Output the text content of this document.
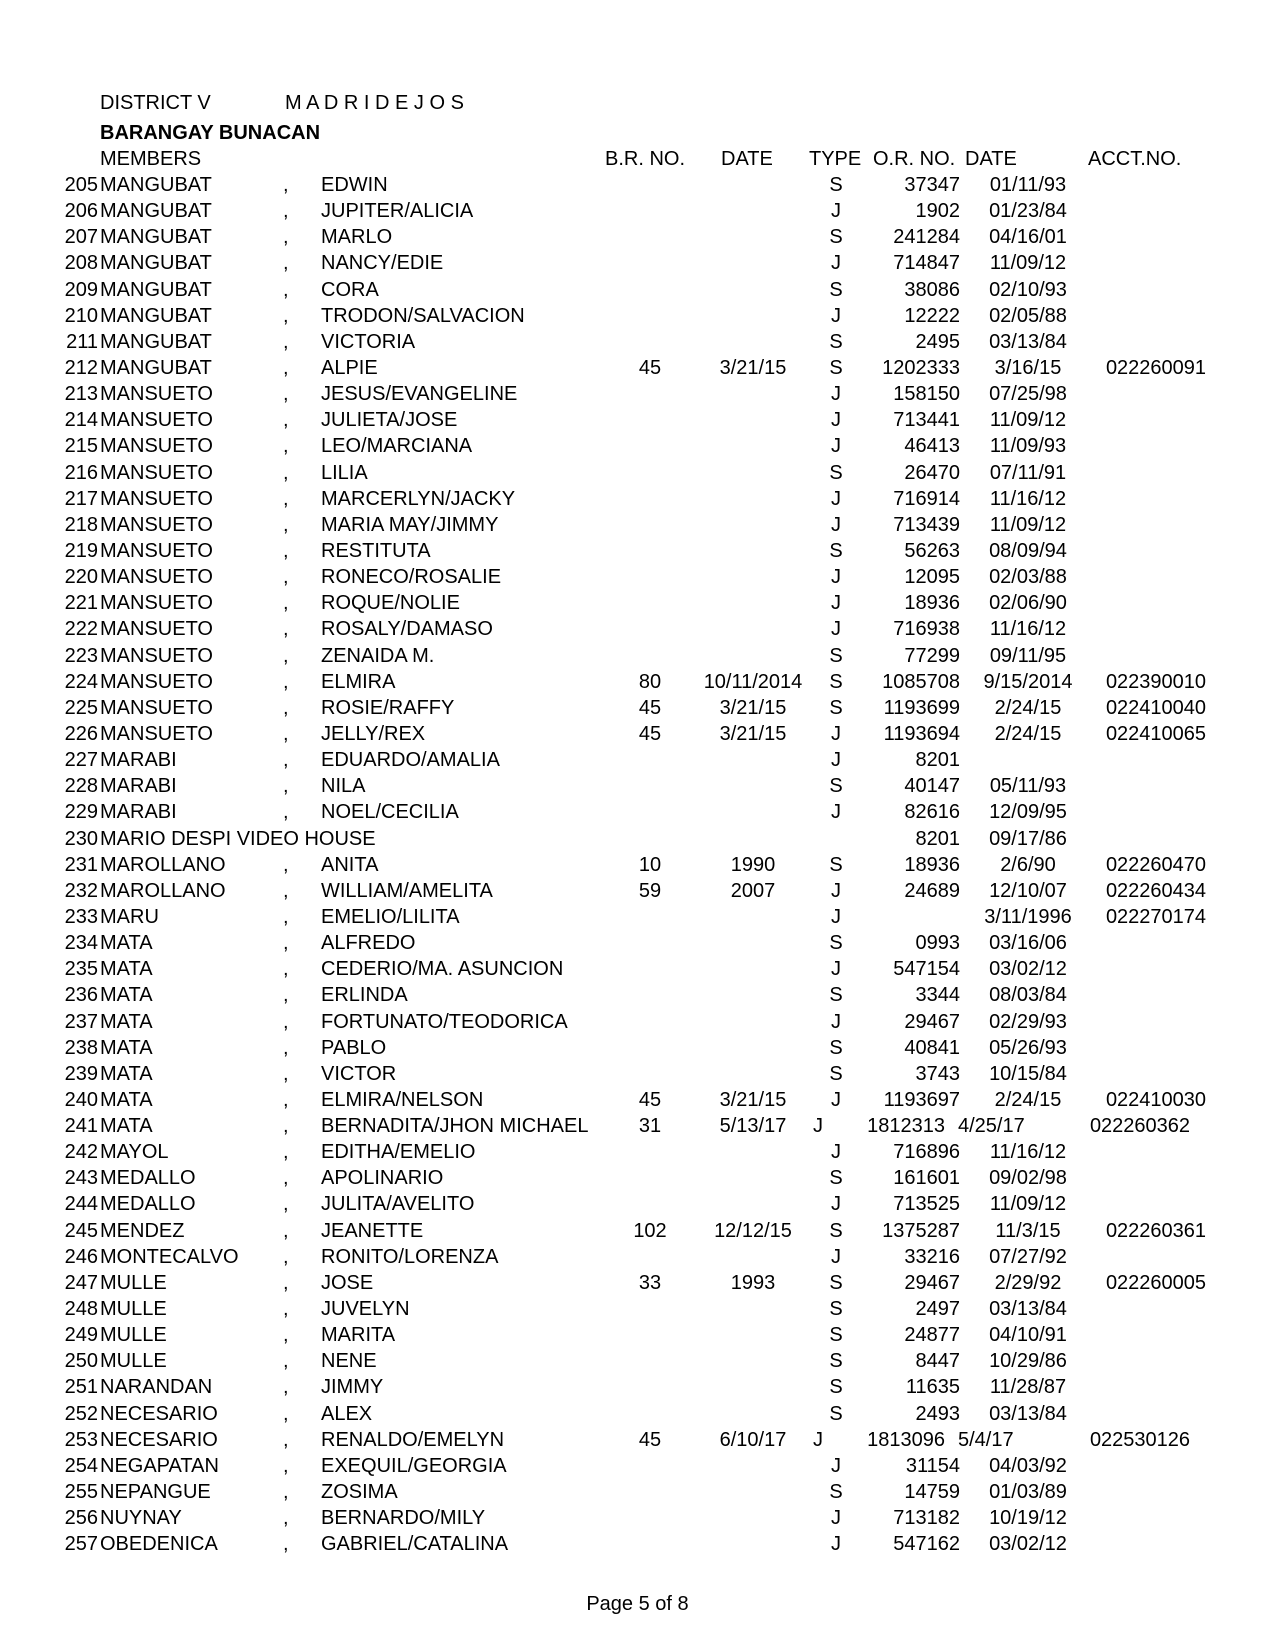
DISTRICT V	M A D R I D E J O S
BARANGAY BUNACAN
MEMBERS	B.R. NO. DATE TYPE O.R. NO. DATE	ACCT.NO.
205 MANGUBAT	, EDWIN	S	37347	01/11/93
206 MANGUBAT	, JUPITER/ALICIA	J	1902	01/23/84
207 MANGUBAT	, MARLO	S	241284	04/16/01
208 MANGUBAT	, NANCY/EDIE	J	714847	11/09/12
209 MANGUBAT	, CORA	S	38086	02/10/93
210 MANGUBAT	, TRODON/SALVACION	J	12222	02/05/88
211 MANGUBAT	, VICTORIA	S	2495	03/13/84
212 MANGUBAT	, ALPIE	45	3/21/15	S	1202333	3/16/15	022260091
213 MANSUETO	, JESUS/EVANGELINE	J	158150	07/25/98
214 MANSUETO	, JULIETA/JOSE	J	713441	11/09/12
215 MANSUETO	, LEO/MARCIANA	J	46413	11/09/93
216 MANSUETO	, LILIA	S	26470	07/11/91
217 MANSUETO	, MARCERLYN/JACKY	J	716914	11/16/12
218 MANSUETO	, MARIA MAY/JIMMY	J	713439	11/09/12
219 MANSUETO	, RESTITUTA	S	56263	08/09/94
220 MANSUETO	, RONECO/ROSALIE	J	12095	02/03/88
221 MANSUETO	, ROQUE/NOLIE	J	18936	02/06/90
222 MANSUETO	, ROSALY/DAMASO	J	716938	11/16/12
223 MANSUETO	, ZENAIDA M.	S	77299	09/11/95
224 MANSUETO	, ELMIRA	80	10/11/2014	S	1085708	9/15/2014	022390010
225 MANSUETO	, ROSIE/RAFFY	45	3/21/15	S	1193699	2/24/15	022410040
226 MANSUETO	, JELLY/REX	45	3/21/15	J	1193694	2/24/15	022410065
227 MARABI	, EDUARDO/AMALIA	J	8201
228 MARABI	, NILA	S	40147	05/11/93
229 MARABI	, NOEL/CECILIA	J	82616	12/09/95
230 MARIO DESPI VIDEO HOUSE	8201	09/17/86
231 MAROLLANO	, ANITA	10	1990	S	18936	2/6/90	022260470
232 MAROLLANO	, WILLIAM/AMELITA	59	2007	J	24689	12/10/07	022260434
233 MARU	, EMELIO/LILITA	J	3/11/1996	022270174
234 MATA	, ALFREDO	S	0993	03/16/06
235 MATA	, CEDERIO/MA. ASUNCION	J	547154	03/02/12
236 MATA	, ERLINDA	S	3344	08/03/84
237 MATA	, FORTUNATO/TEODORICA	J	29467	02/29/93
238 MATA	, PABLO	S	40841	05/26/93
239 MATA	, VICTOR	S	3743	10/15/84
240 MATA	, ELMIRA/NELSON	45	3/21/15	J	1193697	2/24/15	022410030
241 MATA	, BERNADITA/JHON MICHAEL	31	5/13/17	J	1812313 4/25/17	022260362
242 MAYOL	, EDITHA/EMELIO	J	716896	11/16/12
243 MEDALLO	, APOLINARIO	S	161601	09/02/98
244 MEDALLO	, JULITA/AVELITO	J	713525	11/09/12
245 MENDEZ	, JEANETTE	102	12/12/15	S	1375287	11/3/15	022260361
246 MONTECALVO , RONITO/LORENZA	J	33216	07/27/92
247 MULLE	, JOSE	33	1993	S	29467	2/29/92	022260005
248 MULLE	, JUVELYN	S	2497	03/13/84
249 MULLE	, MARITA	S	24877	04/10/91
250 MULLE	, NENE	S	8447	10/29/86
251 NARANDAN	, JIMMY	S	11635	11/28/87
252 NECESARIO	, ALEX	S	2493	03/13/84
253 NECESARIO	, RENALDO/EMELYN	45	6/10/17	J	1813096 5/4/17	022530126
254 NEGAPATAN	, EXEQUIL/GEORGIA	J	31154	04/03/92
255 NEPANGUE	, ZOSIMA	S	14759	01/03/89
256 NUYNAY	, BERNARDO/MILY	J	713182	10/19/12
257 OBEDENICA	, GABRIEL/CATALINA	J	547162	03/02/12
Page 5 of 8
